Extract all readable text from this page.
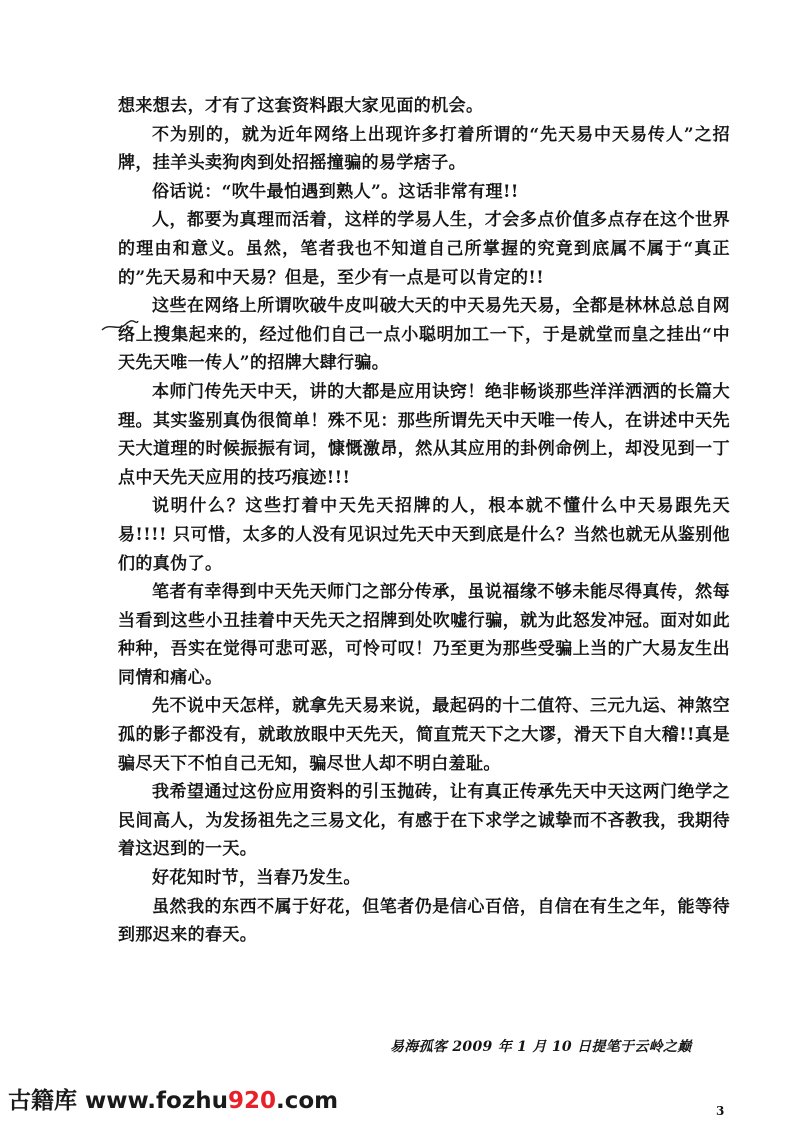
想来想去，才有了这套资料跟大家见面的机会。

不为别的，就为近年网络上出现许多打着所谓的“先天易中天易传人”之招牌，挂羊头卖狗肉到处招摇撞骗的易学痞子。

俗话说：“吹牛最怕遇到熟人”。这话非常有理!!

人，都要为真理而活着，这样的学易人生，才会多点价值多点存在这个世界的理由和意义。虽然，笔者我也不知道自己所掌握的究竟到底属不属于“真正的”先天易和中天易？但是，至少有一点是可以肯定的!!

这些在网络上所谓吹破牛皮叫破大天的中天易先天易，全都是林林总总自网络上搜集起来的，经过他们自己一点小聪明加工一下，于是就堂而皇之挂出“中天先天唯一传人”的招牌大肆行骗。

本师门传先天中天，讲的大都是应用诀窍！绝非畅谈那些洋洋洒洒的长篇大理。其实鉴别真伪很简单！殊不见：那些所谓先天中天唯一传人，在讲述中天先天大道理的时候振振有词，慷慨激昂，然从其应用的卦例命例上，却没见到一丁点中天先天应用的技巧痕迹!!!

说明什么？这些打着中天先天招牌的人，根本就不懂什么中天易跟先天易!!!! 只可惜，太多的人没有见识过先天中天到底是什么？当然也就无从鉴别他们的真伪了。

笔者有幸得到中天先天师门之部分传承，虽说福缘不够未能尽得真传，然每当看到这些小丑挂着中天先天之招牌到处吹嘘行骗，就为此怒发冲冠。面对如此种种，吾实在觉得可悲可恶，可怜可叹！乃至更为那些受骗上当的广大易友生出同情和痛心。

先不说中天怎样，就拿先天易来说，最起码的十二值符、三元九运、神煞空孤的影子都没有，就敢放眼中天先天，简直荒天下之大谬，滑天下自大稽!!真是骗尽天下不怕自己无知，骗尽世人却不明白羞耻。

我希望通过这份应用资料的引玉抛砖，让有真正传承先天中天这两门绝学之民间高人，为发扬祖先之三易文化，有感于在下求学之诚挚而不吝教我，我期待着这迟到的一天。

好花知时节，当春乃发生。

虽然我的东西不属于好花，但笔者仍是信心百倍，自信在有生之年，能等待到那迟来的春天。

易海孤客 2009 年 1 月 10 日提笔于云岭之巅
古籍库 www.fozhu920.com	3
